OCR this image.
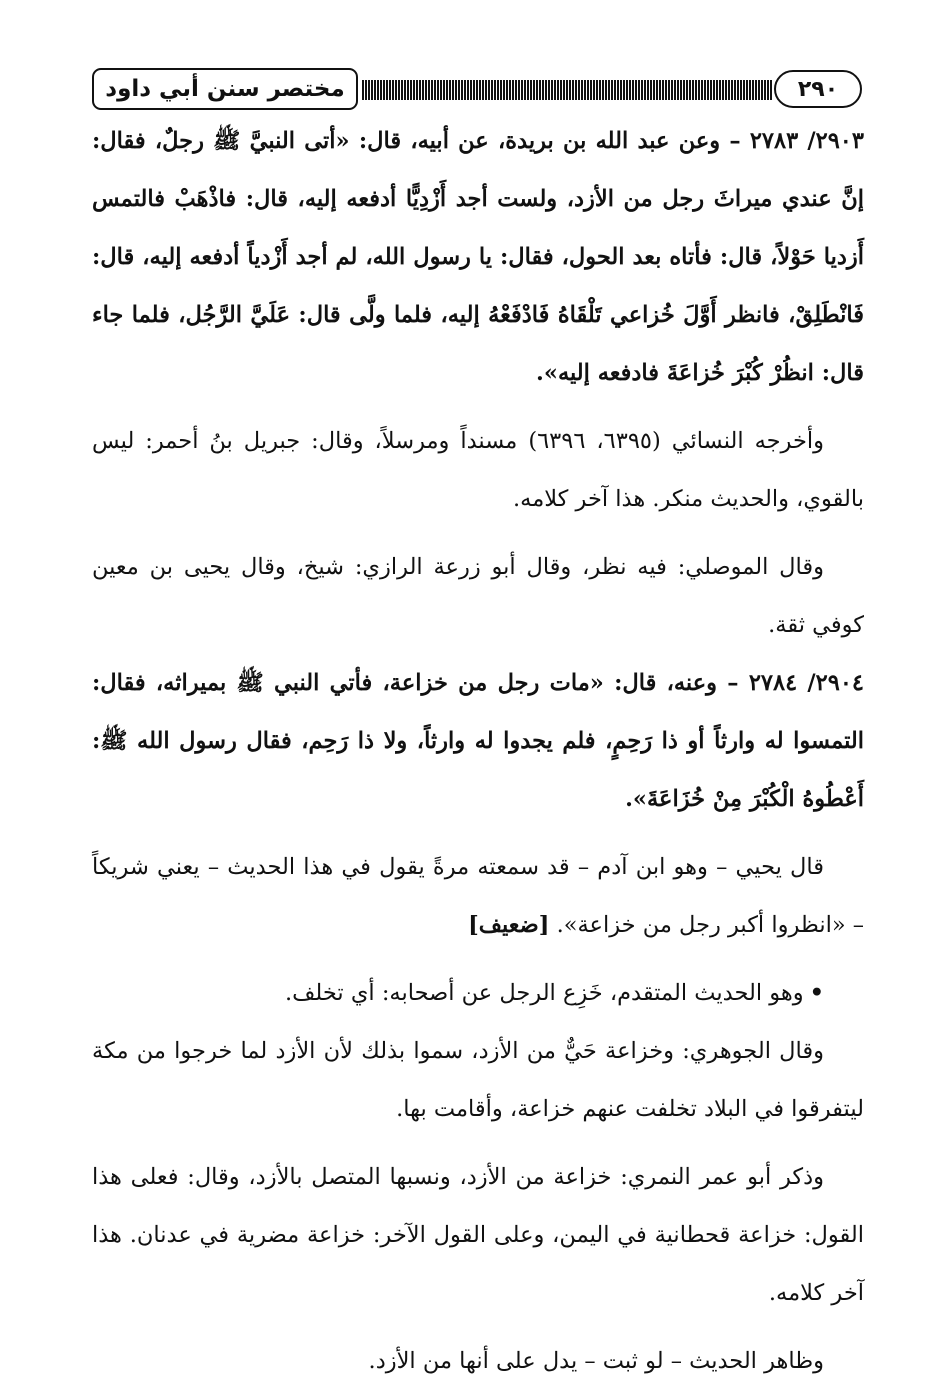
مختصر سنن أبي داود	٢٩٠

٢٩٠٣/ ٢٧٨٣ – وعن عبد الله بن بريدة، عن أبيه، قال: «أتى النبيَّ ﷺ رجلٌ، فقال: إنَّ عندي ميراثَ رجل من الأزد، ولست أجد أَزْدِيًّا أدفعه إليه، قال: فاذْهَبْ فالتمس أَزديا حَوْلاً، قال: فأتاه بعد الحول، فقال: يا رسول الله، لم أجد أَزْدياً أدفعه إليه، قال: فَانْطَلِقْ، فانظر أَوَّلَ خُزاعي تَلْقَاهُ فَادْفَعْهُ إليه، فلما ولَّى قال: عَلَيَّ الرَّجُل، فلما جاء قال: انظُرْ كُبْرَ خُزاعَةَ فادفعه إليه».

وأخرجه النسائي (٦٣٩٥، ٦٣٩٦) مسنداً ومرسلاً، وقال: جبريل بنُ أحمر: ليس بالقوي، والحديث منكر. هذا آخر كلامه.

وقال الموصلي: فيه نظر، وقال أبو زرعة الرازي: شيخ، وقال يحيى بن معين كوفي ثقة.

٢٩٠٤/ ٢٧٨٤ – وعنه، قال: «مات رجل من خزاعة، فأتي النبي ﷺ بميراثه، فقال: التمسوا له وارثاً أو ذا رَحِمٍ، فلم يجدوا له وارثاً، ولا ذا رَحِم، فقال رسول الله ﷺ: أَعْطُوهُ الْكُبْرَ مِنْ خُزَاعَةَ».

قال يحيي – وهو ابن آدم – قد سمعته مرةً يقول في هذا الحديث – يعني شريكاً – «انظروا أكبر رجل من خزاعة». [ضعيف]

•وهو الحديث المتقدم، خَزِع الرجل عن أصحابه: أي تخلف.

وقال الجوهري: وخزاعة حَيٌّ من الأزد، سموا بذلك لأن الأزد لما خرجوا من مكة ليتفرقوا في البلاد تخلفت عنهم خزاعة، وأقامت بها.

وذكر أبو عمر النمري: خزاعة من الأزد، ونسبها المتصل بالأزد، وقال: فعلى هذا القول: خزاعة قحطانية في اليمن، وعلى القول الآخر: خزاعة مضرية في عدنان. هذا آخر كلامه.

وظاهر الحديث – لو ثبت – يدل على أنها من الأزد.
